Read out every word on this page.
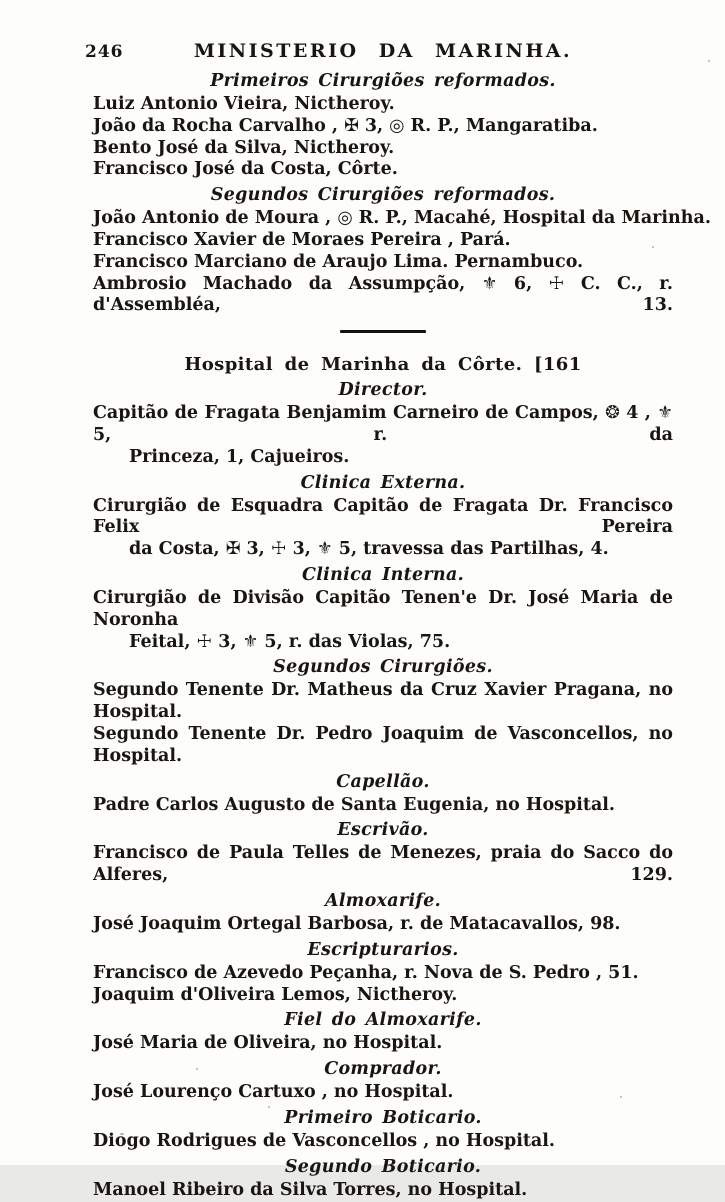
246	MINISTERIO DA MARINHA.
Primeiros Cirurgiões reformados.
Luiz Antonio Vieira, Nictheroy.
João da Rocha Carvalho , ✠ 3, ◎ R. P., Mangaratiba.
Bento José da Silva, Nictheroy.
Francisco José da Costa, Côrte.
Segundos Cirurgiões reformados.
João Antonio de Moura , ◎ R. P., Macahé, Hospital da Marinha.
Francisco Xavier de Moraes Pereira , Pará.
Francisco Marciano de Araujo Lima. Pernambuco.
Ambrosio Machado da Assumpção, ⚜ 6, ☩ C. C., r. d'Assembléa, 13.
Hospital de Marinha da Côrte. [161
Director.
Capitão de Fragata Benjamim Carneiro de Campos, ❂ 4 , ⚜ 5, r. da
Princeza, 1, Cajueiros.
Clinica Externa.
Cirurgião de Esquadra Capitão de Fragata Dr. Francisco Felix Pereira
da Costa, ✠ 3, ☩ 3, ⚜ 5, travessa das Partilhas, 4.
Clinica Interna.
Cirurgião de Divisão Capitão Tenen'e Dr. José Maria de Noronha
Feital, ☩ 3, ⚜ 5, r. das Violas, 75.
Segundos Cirurgiões.
Segundo Tenente Dr. Matheus da Cruz Xavier Pragana, no Hospital.
Segundo Tenente Dr. Pedro Joaquim de Vasconcellos, no Hospital.
Capellão.
Padre Carlos Augusto de Santa Eugenia, no Hospital.
Escrivão.
Francisco de Paula Telles de Menezes, praia do Sacco do Alferes, 129.
Almoxarife.
José Joaquim Ortegal Barbosa, r. de Matacavallos, 98.
Escripturarios.
Francisco de Azevedo Peçanha, r. Nova de S. Pedro , 51.
Joaquim d'Oliveira Lemos, Nictheroy.
Fiel do Almoxarife.
José Maria de Oliveira, no Hospital.
Comprador.
José Lourenço Cartuxo , no Hospital.
Primeiro Boticario.
Diogo Rodrigues de Vasconcellos , no Hospital.
Segundo Boticario.
Manoel Ribeiro da Silva Torres, no Hospital.
